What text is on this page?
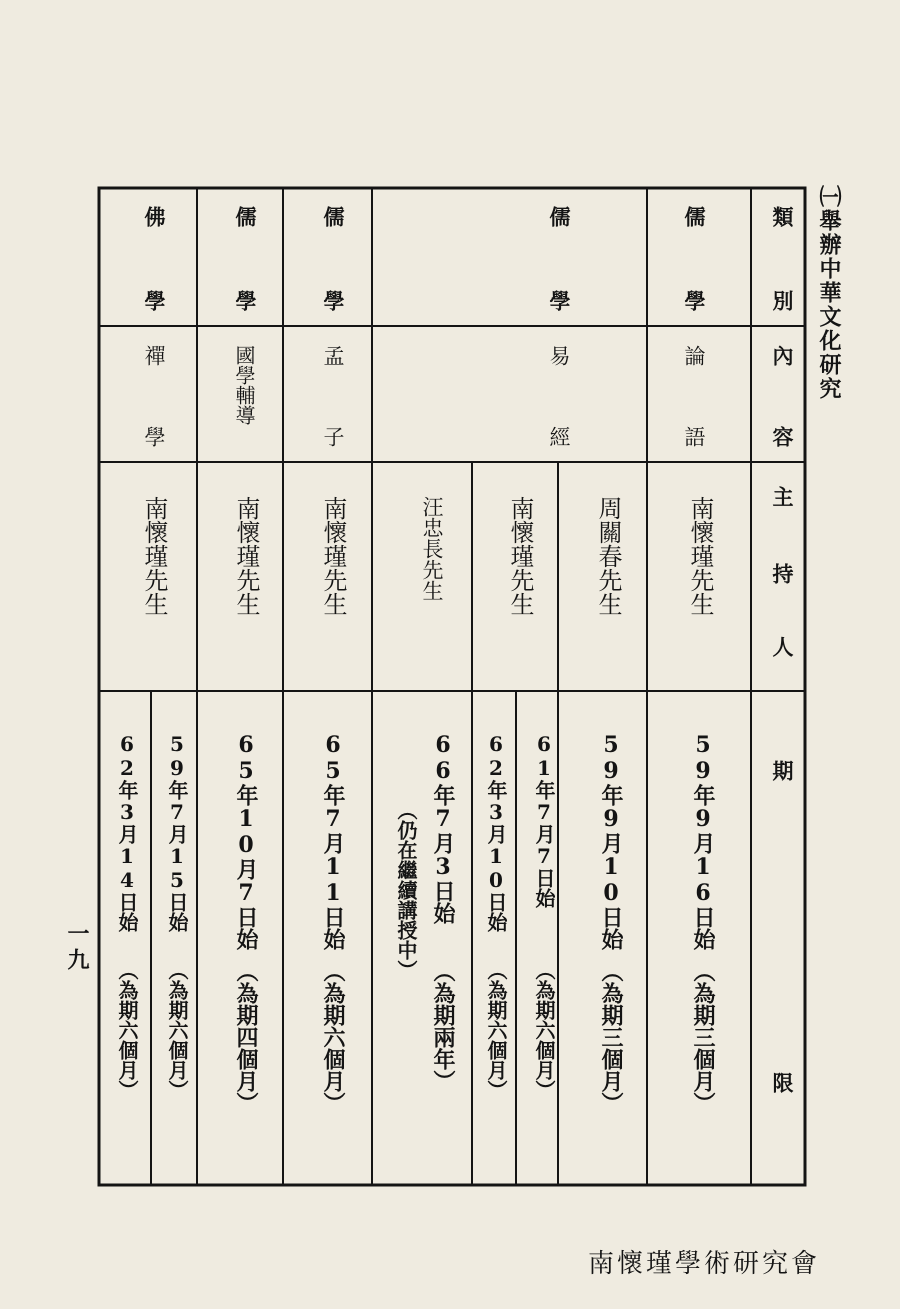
㈠舉辦中華文化研究
一九
南懷瑾學術研究會
類
別
內
容
主
持
人
期
限
儒
學
論
語
南懷瑾先生
59年9月16日始
（為期三個月）
儒
學
易
經
周關春先生
59年9月10日始
（為期三個月）
南懷瑾先生
61年7月7日始
（為期六個月）
62年3月10日始
（為期六個月）
汪忠長先生
66年7月3日始
（為期兩年）
（仍在繼續講授中）
儒
學
孟
子
南懷瑾先生
65年7月11日始
（為期六個月）
儒
學
國學輔導
南懷瑾先生
65年10月7日始
（為期四個月）
佛
學
禪
學
南懷瑾先生
59年7月15日始
（為期六個月）
62年3月14日始
（為期六個月）
